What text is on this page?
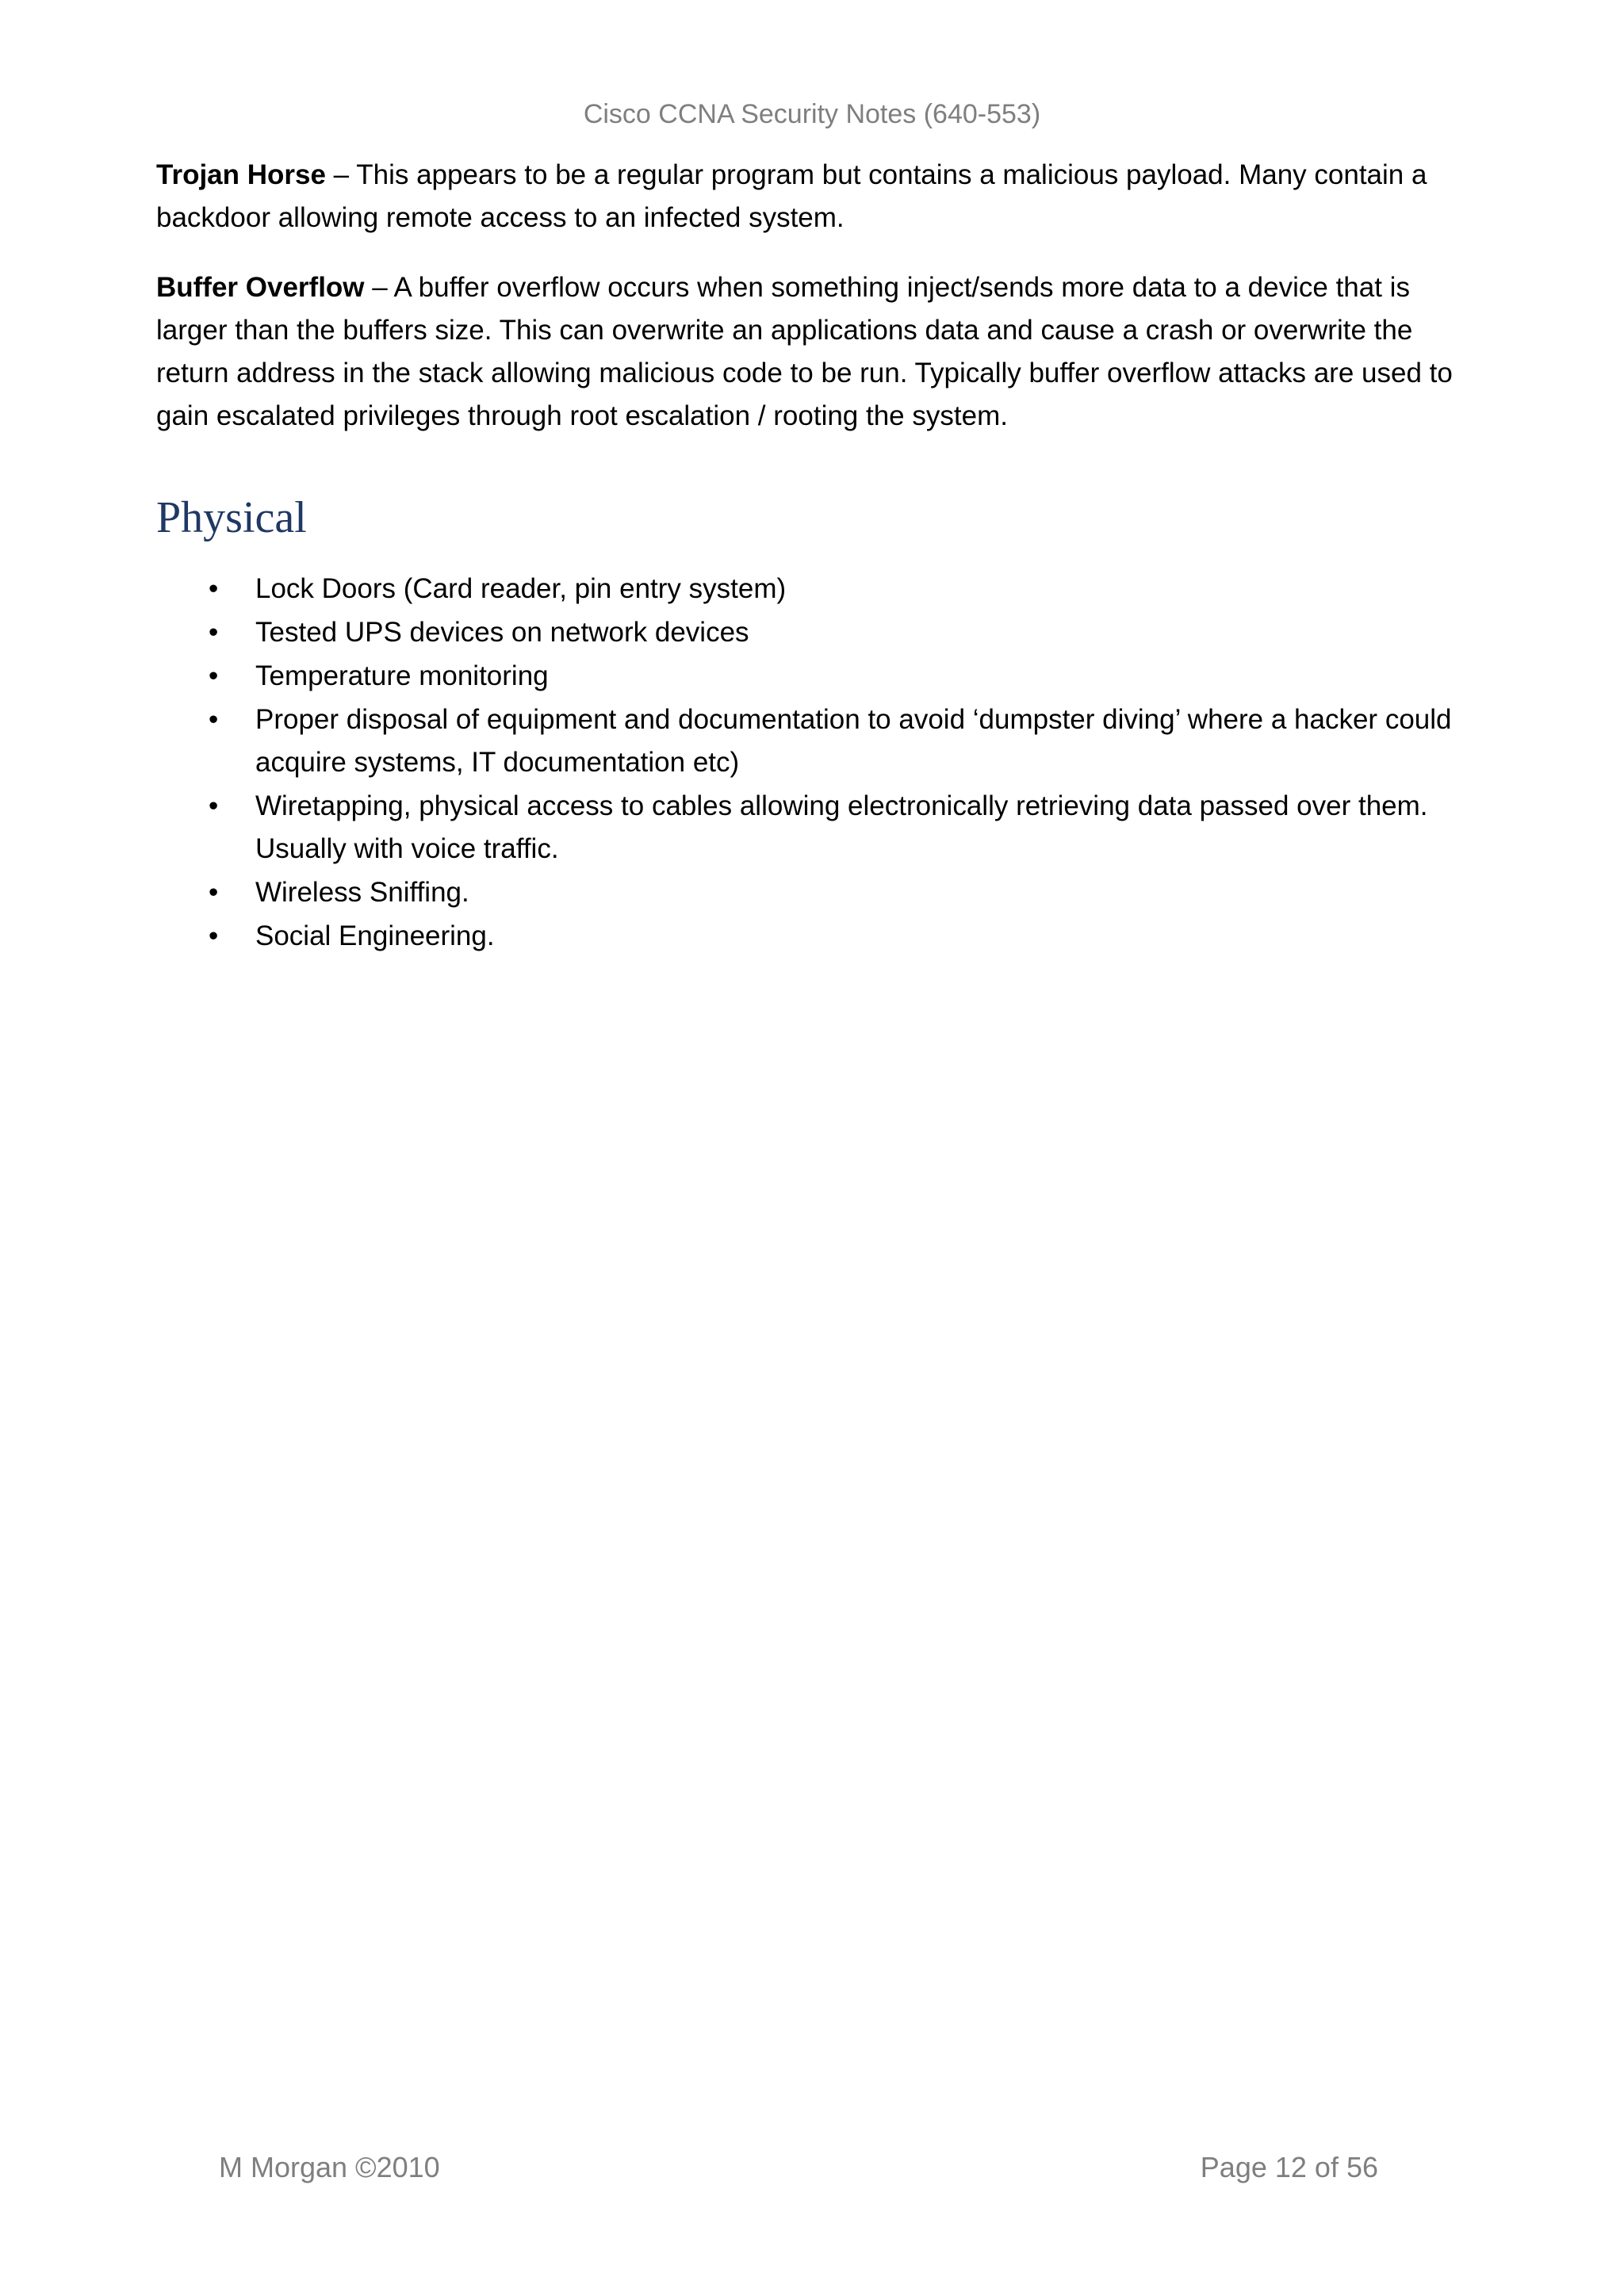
Cisco CCNA Security Notes (640-553)

Trojan Horse – This appears to be a regular program but contains a malicious payload. Many contain a backdoor allowing remote access to an infected system.

Buffer Overflow – A buffer overflow occurs when something inject/sends more data to a device that is larger than the buffers size. This can overwrite an applications data and cause a crash or overwrite the return address in the stack allowing malicious code to be run. Typically buffer overflow attacks are used to gain escalated privileges through root escalation / rooting the system.

Physical
• Lock Doors (Card reader, pin entry system)
• Tested UPS devices on network devices
• Temperature monitoring
• Proper disposal of equipment and documentation to avoid ‘dumpster diving’ where a hacker could acquire systems, IT documentation etc)
• Wiretapping, physical access to cables allowing electronically retrieving data passed over them. Usually with voice traffic.
• Wireless Sniffing.
• Social Engineering.
M Morgan ©2010	Page 12 of 56
